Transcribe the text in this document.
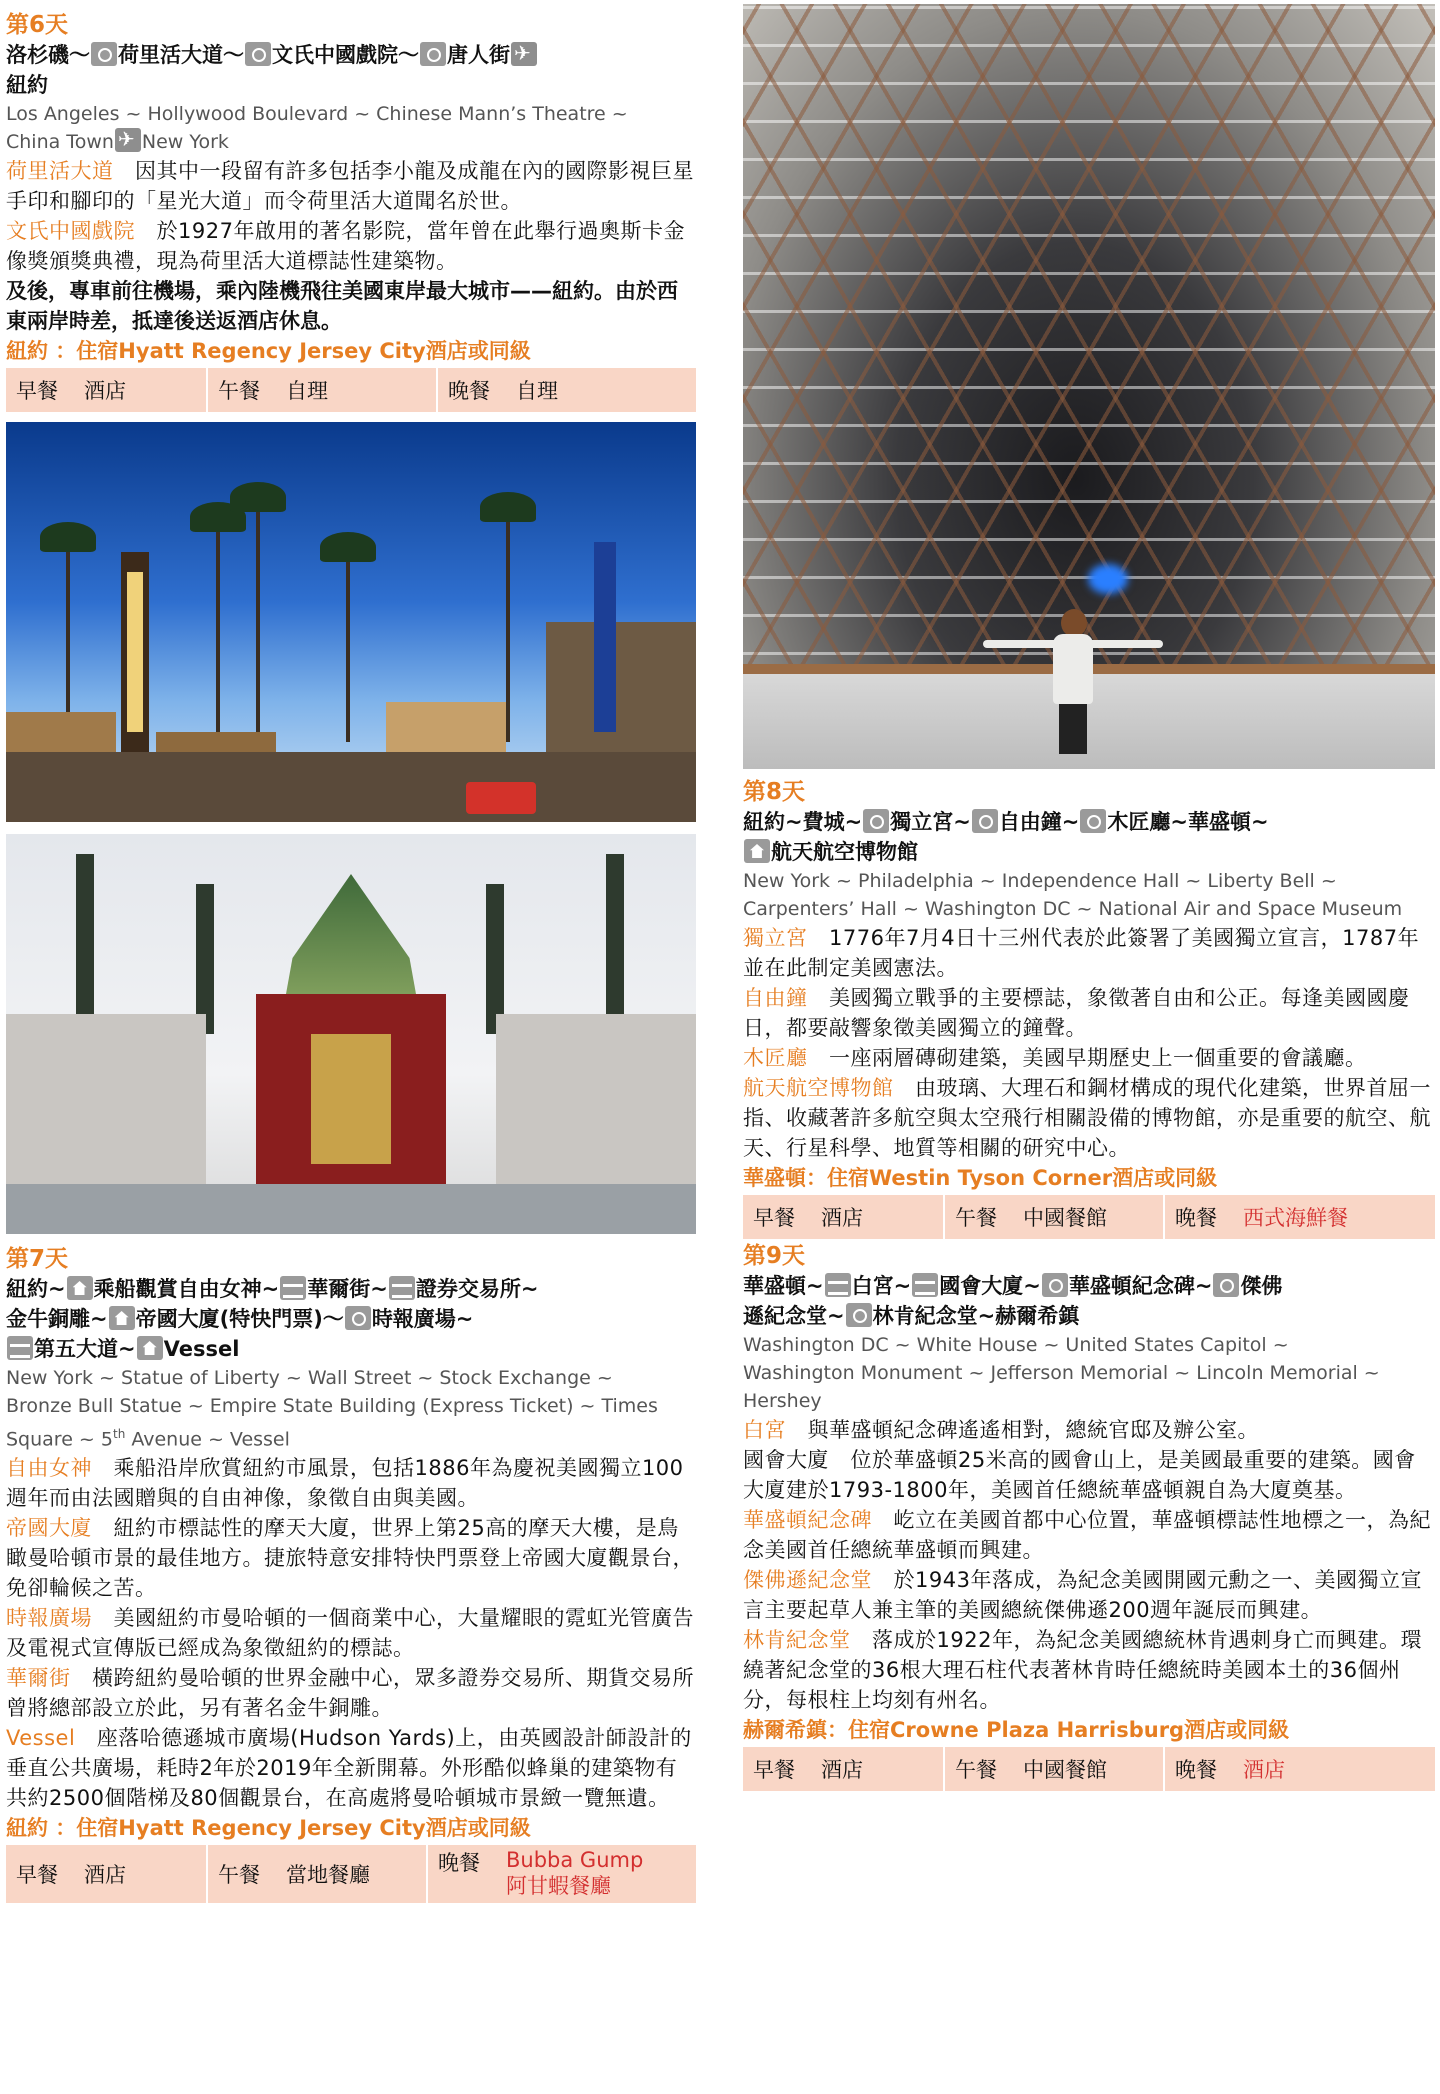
第6天

洛杉磯～ 荷里活大道～ 文氏中國戲院～ 唐人街✈
紐約

Los Angeles ~ Hollywood Boulevard ~ Chinese Mann’s Theatre ~
China Town✈ New York

荷里活大道　 因其中一段留有許多包括李小龍及成龍在內的國際影視巨星手印和腳印的「星光大道」而令荷里活大道聞名於世。

文氏中國戲院　 於1927年啟用的著名影院，當年曾在此舉行過奧斯卡金像獎頒獎典禮，現為荷里活大道標誌性建築物。

及後，專車前往機場，乘內陸機飛往美國東岸最大城市——紐約。由於西東兩岸時差，抵達後送返酒店休息。

紐約 ：住宿Hyatt Regency Jersey City酒店或同級

早餐 酒店	午餐 自理	晚餐 自理

第7天

紐約~ 乘船觀賞自由女神~ 華爾街~ 證券交易所~
金牛銅雕~ 帝國大廈(特快門票)～ 時報廣場~
第五大道~ Vessel

New York ~ Statue of Liberty ~ Wall Street ~ Stock Exchange ~
Bronze Bull Statue ~ Empire State Building (Express Ticket) ~ Times
Square ~ 5th Avenue ~ Vessel

自由女神　 乘船沿岸欣賞紐約市風景，包括1886年為慶祝美國獨立100週年而由法國贈與的自由神像，象徵自由與美國。

帝國大廈　 紐約市標誌性的摩天大廈，世界上第25高的摩天大樓，是鳥瞰曼哈頓市景的最佳地方。捷旅特意安排特快門票登上帝國大廈觀景台，免卻輪候之苦。

時報廣場　 美國紐約市曼哈頓的一個商業中心，大量耀眼的霓虹光管廣告及電視式宣傳版已經成為象徵紐約的標誌。

華爾街　 橫跨紐約曼哈頓的世界金融中心，眾多證券交易所、期貨交易所曾將總部設立於此，另有著名金牛銅雕。

Vessel　 座落哈德遜城市廣場(Hudson Yards)上，由英國設計師設計的垂直公共廣場，耗時2年於2019年全新開幕。外形酷似蜂巢的建築物有共約2500個階梯及80個觀景台，在高處將曼哈頓城市景緻一覽無遺。

紐約 ：住宿Hyatt Regency Jersey City酒店或同級

早餐 酒店	午餐 當地餐廳	晚餐 Bubba Gump
阿甘蝦餐廳

第8天

紐約~費城~ 獨立宮~ 自由鐘~ 木匠廳~華盛頓~
航天航空博物館

New York ~ Philadelphia ~ Independence Hall ~ Liberty Bell ~
Carpenters’ Hall ~ Washington DC ~ National Air and Space Museum

獨立宮　 1776年7月4日十三州代表於此簽署了美國獨立宣言，1787年並在此制定美國憲法。

自由鐘　 美國獨立戰爭的主要標誌，象徵著自由和公正。每逢美國國慶日，都要敲響象徵美國獨立的鐘聲。

木匠廳　 一座兩層磚砌建築，美國早期歷史上一個重要的會議廳。

航天航空博物館　 由玻璃、大理石和鋼材構成的現代化建築，世界首屈一指、收藏著許多航空與太空飛行相關設備的博物館，亦是重要的航空、航天、行星科學、地質等相關的研究中心。

華盛頓：住宿Westin Tyson Corner酒店或同級

早餐 酒店	午餐 中國餐館	晚餐 西式海鮮餐

第9天

華盛頓~ 白宮~ 國會大廈~ 華盛頓紀念碑~ 傑佛
遜紀念堂~ 林肯紀念堂~赫爾希鎮

Washington DC ~ White House ~ United States Capitol ~
Washington Monument ~ Jefferson Memorial ~ Lincoln Memorial ~
Hershey

白宮　 與華盛頓紀念碑遙遙相對，總統官邸及辦公室。

國會大廈　位於華盛頓25米高的國會山上，是美國最重要的建築。國會大廈建於1793-1800年，美國首任總統華盛頓親自為大廈奠基。

華盛頓紀念碑　 屹立在美國首都中心位置，華盛頓標誌性地標之一，為紀念美國首任總統華盛頓而興建。

傑佛遜紀念堂　 於1943年落成，為紀念美國開國元勳之一、美國獨立宣言主要起草人兼主筆的美國總統傑佛遜200週年誕辰而興建。

林肯紀念堂　 落成於1922年，為紀念美國總統林肯遇刺身亡而興建。環繞著紀念堂的36根大理石柱代表著林肯時任總統時美國本土的36個州分，每根柱上均刻有州名。

赫爾希鎮：住宿Crowne Plaza Harrisburg酒店或同級

早餐 酒店	午餐 中國餐館	晚餐 酒店
